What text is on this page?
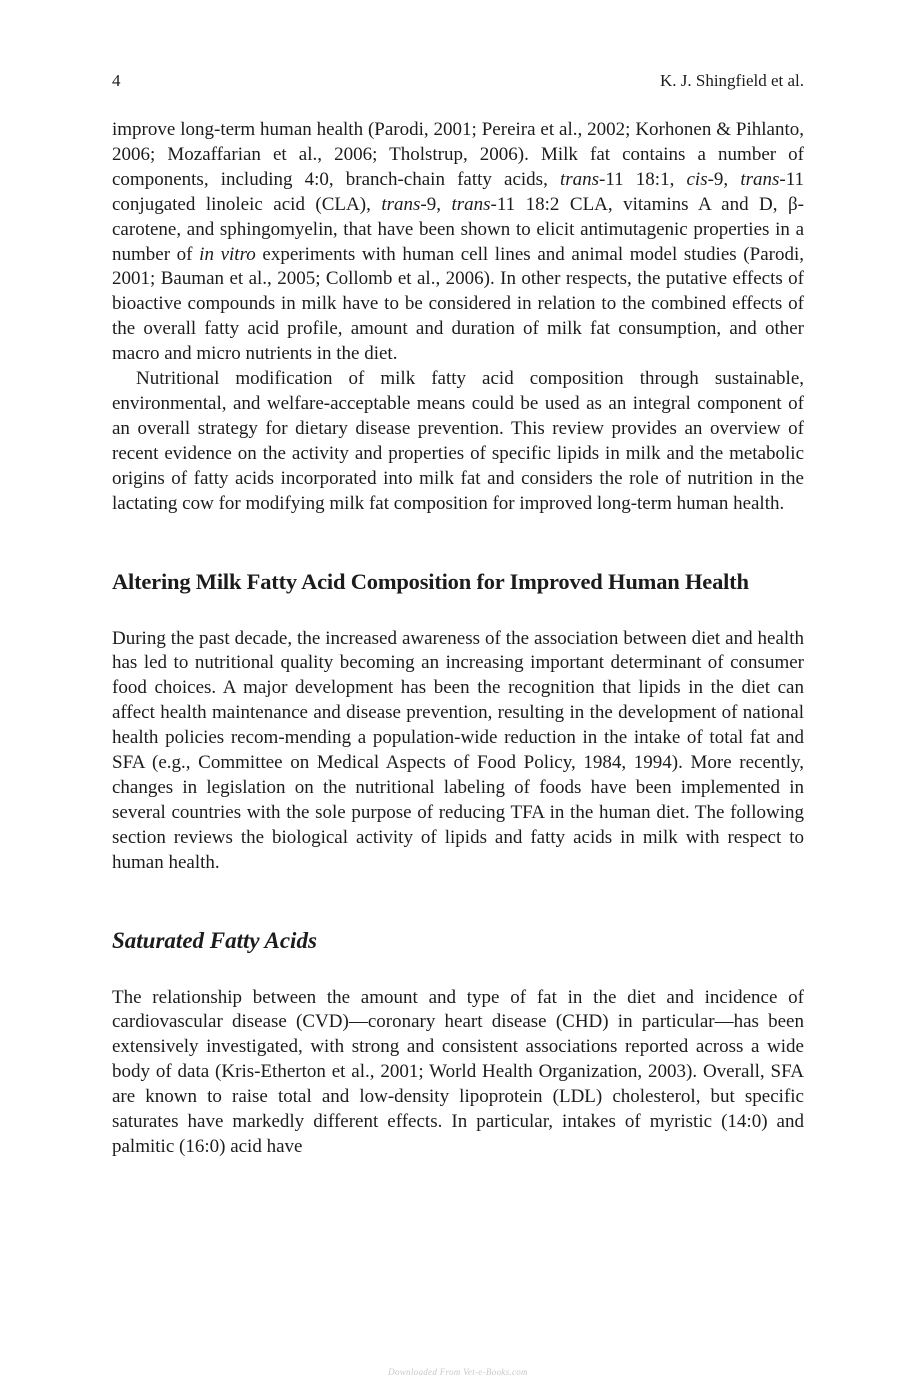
4	K. J. Shingfield et al.

improve long-term human health (Parodi, 2001; Pereira et al., 2002; Korhonen & Pihlanto, 2006; Mozaffarian et al., 2006; Tholstrup, 2006). Milk fat contains a number of components, including 4:0, branch-chain fatty acids, trans-11 18:1, cis-9, trans-11 conjugated linoleic acid (CLA), trans-9, trans-11 18:2 CLA, vitamins A and D, β-carotene, and sphingomyelin, that have been shown to elicit antimutagenic properties in a number of in vitro experiments with human cell lines and animal model studies (Parodi, 2001; Bauman et al., 2005; Collomb et al., 2006). In other respects, the putative effects of bioactive compounds in milk have to be considered in relation to the combined effects of the overall fatty acid profile, amount and duration of milk fat consumption, and other macro and micro nutrients in the diet.

Nutritional modification of milk fatty acid composition through sustainable, environmental, and welfare-acceptable means could be used as an integral component of an overall strategy for dietary disease prevention. This review provides an overview of recent evidence on the activity and properties of specific lipids in milk and the metabolic origins of fatty acids incorporated into milk fat and considers the role of nutrition in the lactating cow for modifying milk fat composition for improved long-term human health.

Altering Milk Fatty Acid Composition for Improved Human Health

During the past decade, the increased awareness of the association between diet and health has led to nutritional quality becoming an increasing important determinant of consumer food choices. A major development has been the recognition that lipids in the diet can affect health maintenance and disease prevention, resulting in the development of national health policies recom-mending a population-wide reduction in the intake of total fat and SFA (e.g., Committee on Medical Aspects of Food Policy, 1984, 1994). More recently, changes in legislation on the nutritional labeling of foods have been implemented in several countries with the sole purpose of reducing TFA in the human diet. The following section reviews the biological activity of lipids and fatty acids in milk with respect to human health.

Saturated Fatty Acids

The relationship between the amount and type of fat in the diet and incidence of cardiovascular disease (CVD)—coronary heart disease (CHD) in particular—has been extensively investigated, with strong and consistent associations reported across a wide body of data (Kris-Etherton et al., 2001; World Health Organization, 2003). Overall, SFA are known to raise total and low-density lipoprotein (LDL) cholesterol, but specific saturates have markedly different effects. In particular, intakes of myristic (14:0) and palmitic (16:0) acid have

Downloaded From Vet-e-Books.com
